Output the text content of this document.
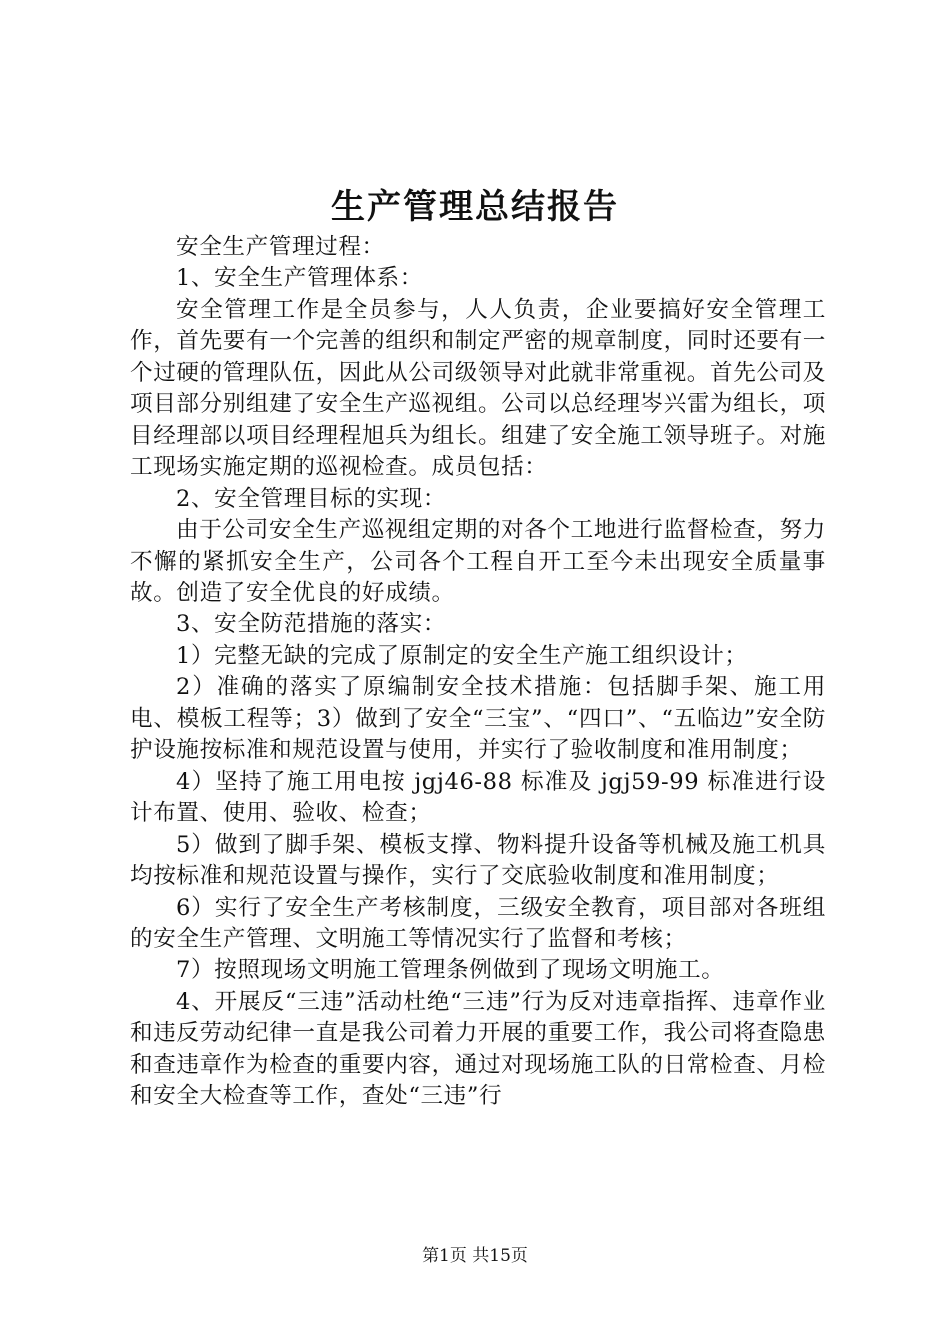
生产管理总结报告

安全生产管理过程：

1、安全生产管理体系：

安全管理工作是全员参与，人人负责，企业要搞好安全管理工作，首先要有一个完善的组织和制定严密的规章制度，同时还要有一个过硬的管理队伍，因此从公司级领导对此就非常重视。首先公司及项目部分别组建了安全生产巡视组。公司以总经理岑兴雷为组长，项目经理部以项目经理程旭兵为组长。组建了安全施工领导班子。对施工现场实施定期的巡视检查。成员包括：

2、安全管理目标的实现：

由于公司安全生产巡视组定期的对各个工地进行监督检查，努力不懈的紧抓安全生产，公司各个工程自开工至今未出现安全质量事故。创造了安全优良的好成绩。

3、安全防范措施的落实：

1）完整无缺的完成了原制定的安全生产施工组织设计；

2）准确的落实了原编制安全技术措施：包括脚手架、施工用电、模板工程等；3）做到了安全“三宝”、“四口”、“五临边”安全防护设施按标准和规范设置与使用，并实行了验收制度和准用制度；

4）坚持了施工用电按 jgj46-88 标准及 jgj59-99 标准进行设计布置、使用、验收、检查；

5）做到了脚手架、模板支撑、物料提升设备等机械及施工机具均按标准和规范设置与操作，实行了交底验收制度和准用制度；

6）实行了安全生产考核制度，三级安全教育，项目部对各班组的安全生产管理、文明施工等情况实行了监督和考核；

7）按照现场文明施工管理条例做到了现场文明施工。

4、开展反“三违”活动杜绝“三违”行为反对违章指挥、违章作业和违反劳动纪律一直是我公司着力开展的重要工作，我公司将查隐患和查违章作为检查的重要内容，通过对现场施工队的日常检查、月检和安全大检查等工作，查处“三违”行

第1页 共15页
